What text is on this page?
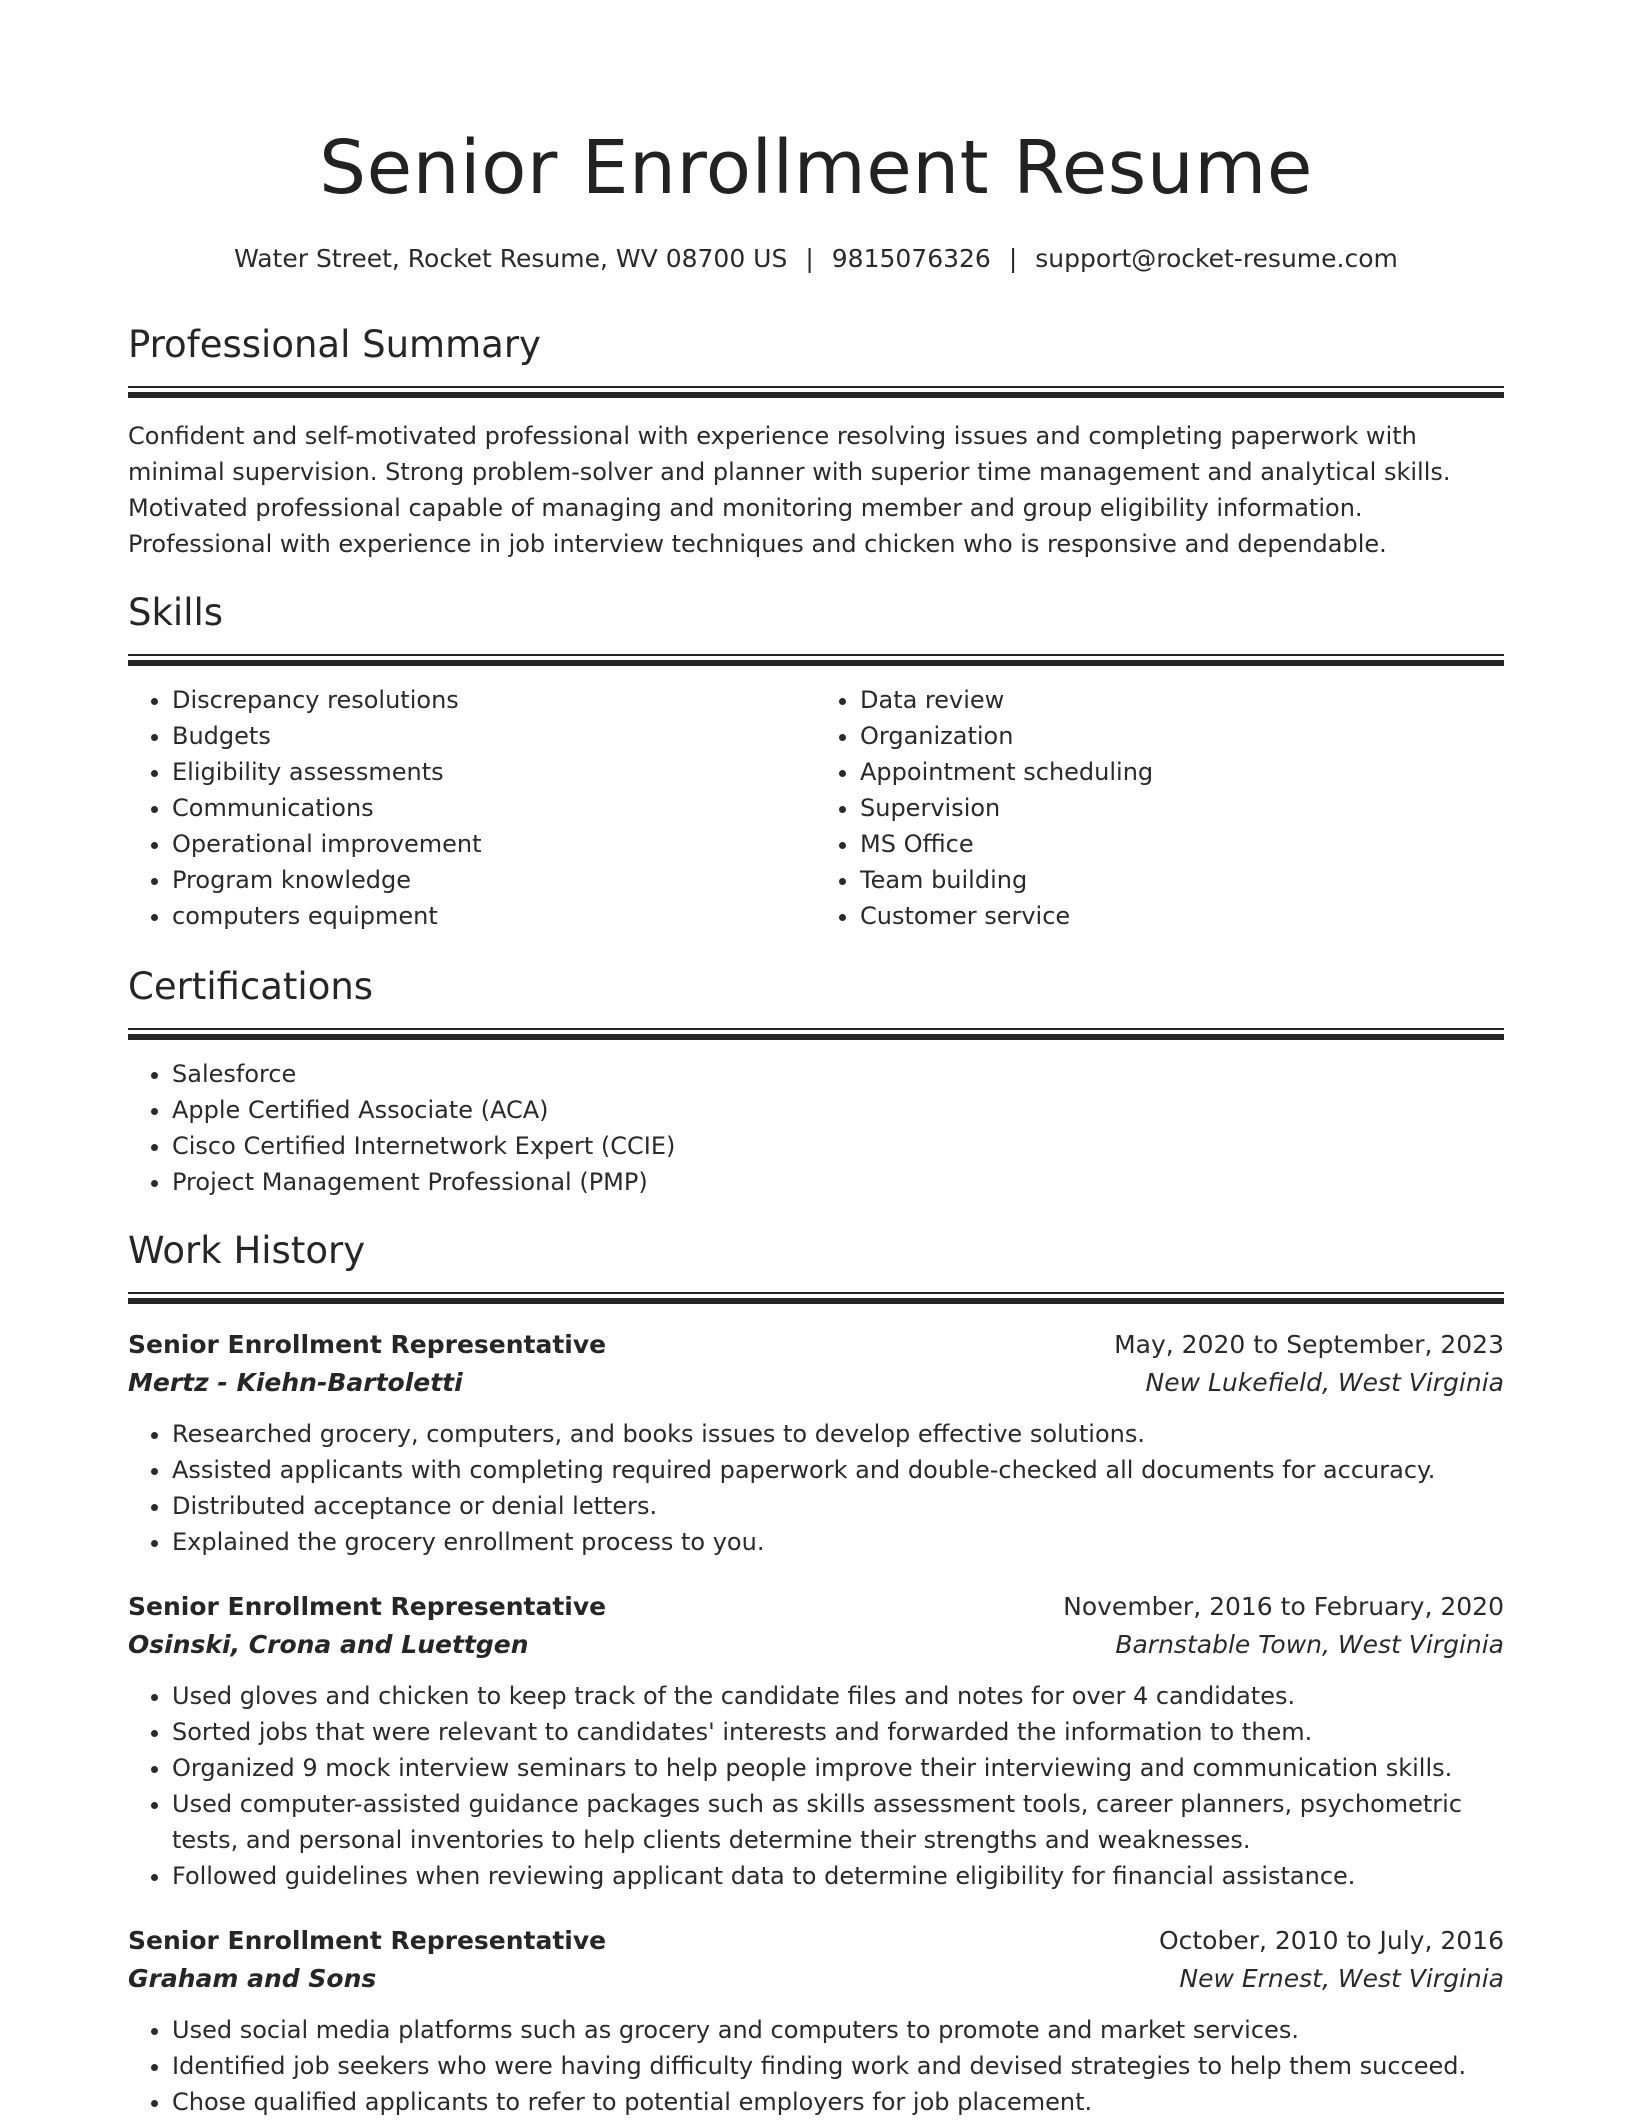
Senior Enrollment Resume
Water Street, Rocket Resume, WV 08700 US | 9815076326 | support@rocket-resume.com
Professional Summary

Confident and self-motivated professional with experience resolving issues and completing paperwork with minimal supervision. Strong problem-solver and planner with superior time management and analytical skills. Motivated professional capable of managing and monitoring member and group eligibility information. Professional with experience in job interview techniques and chicken who is responsive and dependable.

Skills
• Discrepancy resolutions
• Budgets
• Eligibility assessments
• Communications
• Operational improvement
• Program knowledge
• computers equipment
• Data review
• Organization
• Appointment scheduling
• Supervision
• MS Office
• Team building
• Customer service
Certifications
• Salesforce
• Apple Certified Associate (ACA)
• Cisco Certified Internetwork Expert (CCIE)
• Project Management Professional (PMP)
Work History
Senior Enrollment Representative	May, 2020 to September, 2023
Mertz - Kiehn-Bartoletti	New Lukefield, West Virginia
• Researched grocery, computers, and books issues to develop effective solutions.
• Assisted applicants with completing required paperwork and double-checked all documents for accuracy.
• Distributed acceptance or denial letters.
• Explained the grocery enrollment process to you.
Senior Enrollment Representative	November, 2016 to February, 2020
Osinski, Crona and Luettgen	Barnstable Town, West Virginia
• Used gloves and chicken to keep track of the candidate files and notes for over 4 candidates.
• Sorted jobs that were relevant to candidates' interests and forwarded the information to them.
• Organized 9 mock interview seminars to help people improve their interviewing and communication skills.
• Used computer-assisted guidance packages such as skills assessment tools, career planners, psychometric tests, and personal inventories to help clients determine their strengths and weaknesses.
• Followed guidelines when reviewing applicant data to determine eligibility for financial assistance.
Senior Enrollment Representative	October, 2010 to July, 2016
Graham and Sons	New Ernest, West Virginia
• Used social media platforms such as grocery and computers to promote and market services.
• Identified job seekers who were having difficulty finding work and devised strategies to help them succeed.
• Chose qualified applicants to refer to potential employers for job placement.
